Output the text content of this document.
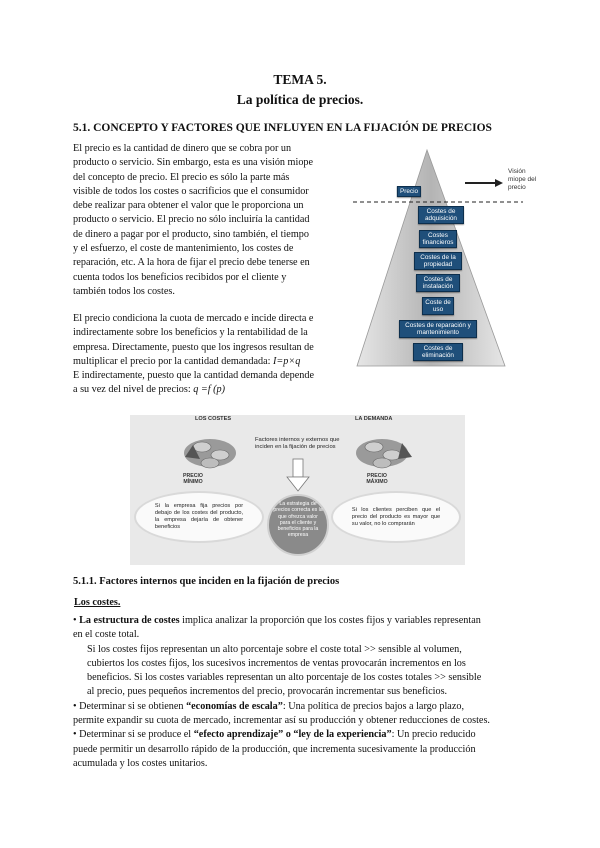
TEMA 5.
La política de precios.
5.1. CONCEPTO Y FACTORES QUE INFLUYEN EN LA FIJACIÓN DE PRECIOS
El precio es la cantidad de dinero que se cobra por un
producto o servicio. Sin embargo, esta es una visión miope
del concepto de precio. El precio es sólo la parte más
visible de todos los costes o sacrificios que el consumidor
debe realizar para obtener el valor que le proporciona un
producto o servicio. El precio no sólo incluiría la cantidad
de dinero a pagar por el producto, sino también, el tiempo
y el esfuerzo, el coste de mantenimiento, los costes de
reparación, etc. A la hora de fijar el precio debe tenerse en
cuenta todos los beneficios recibidos por el cliente y
también todos los costes.
El precio condiciona la cuota de mercado e incide directa e
indirectamente sobre los beneficios y la rentabilidad de la
empresa. Directamente, puesto que los ingresos resultan de
multiplicar el precio por la cantidad demandada: I=p×q
E indirectamente, puesto que la cantidad demanda depende
a su vez del nivel de precios: q =f (p)
Visión miope del precio
Precio
Costes de adquisición
Costes financieros
Costes de la propiedad
Costes de instalación
Coste de uso
Costes de reparación y mantenimiento
Costes de eliminación
LOS COSTES	LA DEMANDA
Factores internos y externos que inciden en la fijación de precios
PRECIO MÍNIMO
PRECIO MÁXIMO
Si la empresa fija precios por debajo de los costes del producto, la empresa dejaría de obtener beneficios
La estrategia de precios correcta es la que ofrezca valor para el cliente y beneficios para la empresa
Si los clientes perciben que el precio del producto es mayor que su valor, no lo comprarán
5.1.1. Factores internos que inciden en la fijación de precios
Los costes.
• La estructura de costes implica analizar la proporción que los costes fijos y variables representan
en el coste total.
Si los costes fijos representan un alto porcentaje sobre el coste total >> sensible al volumen,
cubiertos los costes fijos, los sucesivos incrementos de ventas provocarán incrementos en los
beneficios. Si los costes variables representan un alto porcentaje de los costes totales >> sensible
al precio, pues pequeños incrementos del precio, provocarán incrementar sus beneficios.
• Determinar si se obtienen “economías de escala”: Una política de precios bajos a largo plazo,
permite expandir su cuota de mercado, incrementar así su producción y obtener reducciones de costes.
• Determinar si se produce el “efecto aprendizaje” o “ley de la experiencia”: Un precio reducido
puede permitir un desarrollo rápido de la producción, que incrementa sucesivamente la producción
acumulada y los costes unitarios.
